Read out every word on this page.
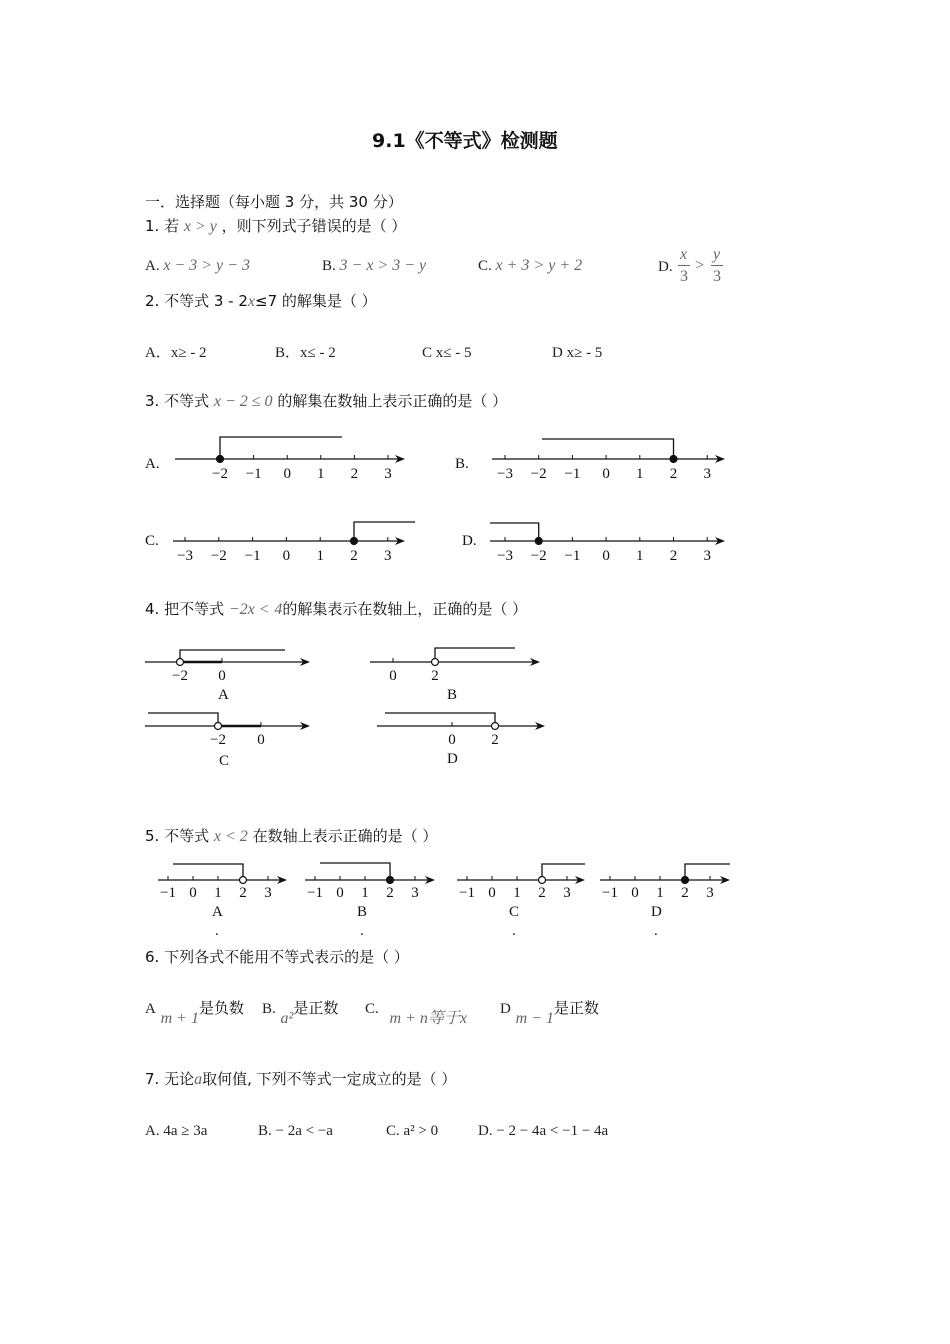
9.1《不等式》检测题
一．选择题（每小题 3 分，共 30 分）
1. 若 x > y ，则下列式子错误的是（ ）
A. x − 3 > y − 3	B. 3 − x > 3 − y	C. x + 3 > y + 2	D.
x
3
>
y
3
2. 不等式 3 - 2x≤7 的解集是（ ）
A．x≥ - 2	B．x≤ - 2	C x≤ - 5	D x≥ - 5
3. 不等式 x − 2 ≤ 0 的解集在数轴上表示正确的是（ ）
A.	B.
C.	D.
4. 把不等式 −2x < 4的解集表示在数轴上，正确的是（ ）
A	B
C	D
5. 不等式 x < 2 在数轴上表示正确的是（ ）
A	B	C	D
.	.	.	.
6. 下列各式不能用不等式表示的是（ ）
A m + 1是负数 B. a²是正数 C. m + n等于x
D m − 1是正数
7. 无论a取何值, 下列不等式一定成立的是（ ）
A. 4a ≥ 3a	B. − 2a < −a	C. a² > 0	D. − 2 − 4a < −1 − 4a
−2 −1 0 1 2 3	−3 −2 −1 0 1 2 3
−3 −2 −1 0 1 2 3	−3 −2 −1 0 1 2 3
−2 0	0 2
−2 0	0 2
−1 0 1 2 3 −1 0 1 2 3	−1 0 1 2 3 −1 0 1 2 3
